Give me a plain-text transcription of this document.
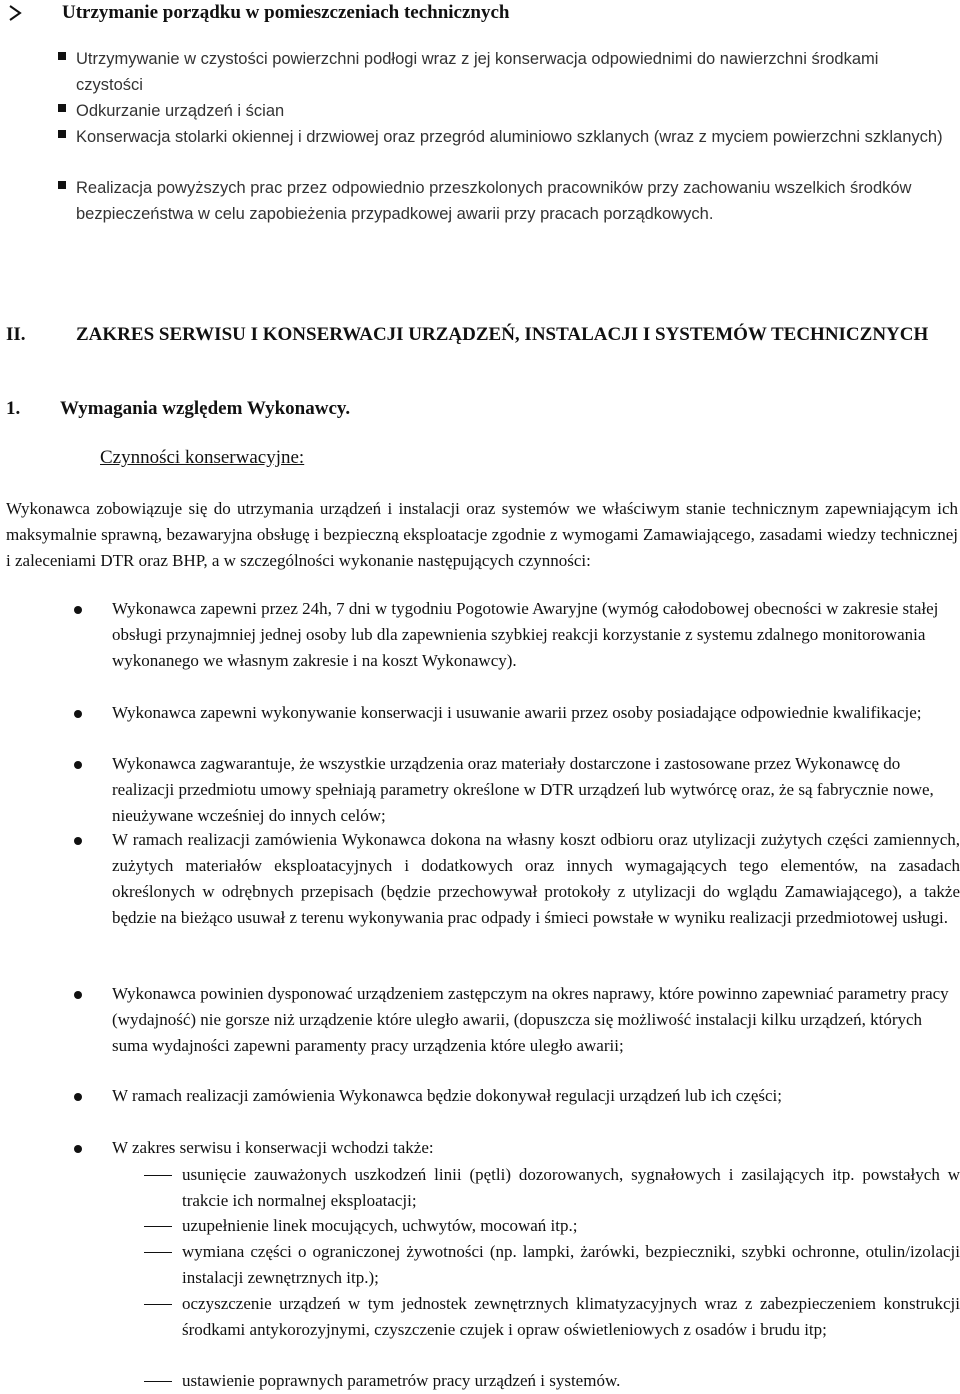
Utrzymanie porządku w pomieszczeniach technicznych
Utrzymywanie w czystości powierzchni podłogi wraz z jej konserwacja odpowiednimi do nawierzchni środkami czystości
Odkurzanie urządzeń i ścian
Konserwacja stolarki okiennej i drzwiowej oraz przegród aluminiowo szklanych (wraz z myciem powierzchni szklanych)
Realizacja powyższych prac przez odpowiednio przeszkolonych pracowników przy zachowaniu wszelkich środków bezpieczeństwa w celu zapobieżenia przypadkowej awarii przy pracach porządkowych.
II.	ZAKRES SERWISU I KONSERWACJI URZĄDZEŃ, INSTALACJI I SYSTEMÓW TECHNICZNYCH
1. Wymagania względem Wykonawcy.
Czynności konserwacyjne:
Wykonawca zobowiązuje się do utrzymania urządzeń i instalacji oraz systemów we właściwym stanie technicznym zapewniającym ich maksymalnie sprawną, bezawaryjna obsługę i bezpieczną eksploatacje zgodnie z wymogami Zamawiającego, zasadami wiedzy technicznej i zaleceniami DTR oraz BHP, a w szczególności wykonanie następujących czynności:
Wykonawca zapewni przez 24h, 7 dni w tygodniu Pogotowie Awaryjne (wymóg całodobowej obecności w zakresie stałej obsługi przynajmniej jednej osoby lub dla zapewnienia szybkiej reakcji korzystanie z systemu zdalnego monitorowania wykonanego we własnym zakresie i na koszt Wykonawcy).
Wykonawca zapewni wykonywanie konserwacji i usuwanie awarii przez osoby posiadające odpowiednie kwalifikacje;
Wykonawca zagwarantuje, że wszystkie urządzenia oraz materiały dostarczone i zastosowane przez Wykonawcę do realizacji przedmiotu umowy spełniają parametry określone w DTR urządzeń lub wytwórcę oraz, że są fabrycznie nowe, nieużywane wcześniej do innych celów;
W ramach realizacji zamówienia Wykonawca dokona na własny koszt odbioru oraz utylizacji zużytych części zamiennych, zużytych materiałów eksploatacyjnych i dodatkowych oraz innych wymagających tego elementów, na zasadach określonych w odrębnych przepisach (będzie przechowywał protokoły z utylizacji do wglądu Zamawiającego), a także będzie na bieżąco usuwał z terenu wykonywania prac odpady i śmieci powstałe w wyniku realizacji przedmiotowej usługi.
Wykonawca powinien dysponować urządzeniem zastępczym na okres naprawy, które powinno zapewniać parametry pracy (wydajność) nie gorsze niż urządzenie które uległo awarii, (dopuszcza się możliwość instalacji kilku urządzeń, których suma wydajności zapewni paramenty pracy urządzenia które uległo awarii;
W ramach realizacji zamówienia Wykonawca będzie dokonywał regulacji urządzeń lub ich części;
W zakres serwisu i konserwacji wchodzi także:
usunięcie zauważonych uszkodzeń linii (pętli) dozorowanych, sygnałowych i zasilających itp. powstałych w trakcie ich normalnej eksploatacji;
uzupełnienie linek mocujących, uchwytów, mocowań itp.;
wymiana części o ograniczonej żywotności (np. lampki, żarówki, bezpieczniki, szybki ochronne, otulin/izolacji instalacji zewnętrznych itp.);
oczyszczenie urządzeń w tym jednostek zewnętrznych klimatyzacyjnych wraz z zabezpieczeniem konstrukcji środkami antykorozyjnymi, czyszczenie czujek i opraw oświetleniowych z osadów i brudu itp;
ustawienie poprawnych parametrów pracy urządzeń i systemów.
